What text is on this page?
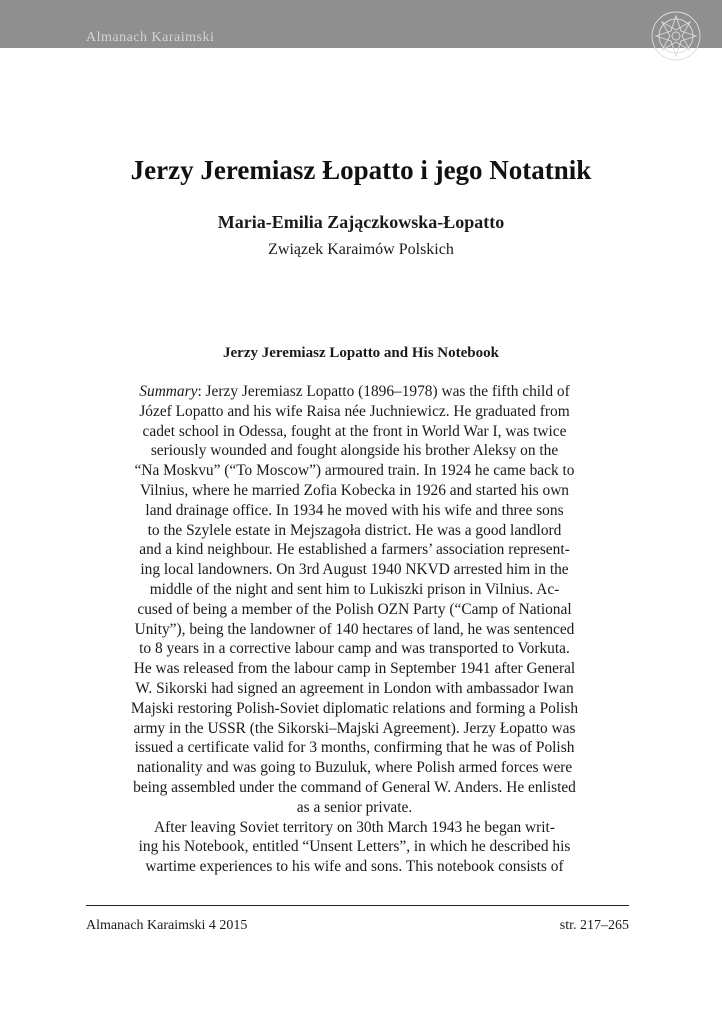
Almanach Karaimski
Jerzy Jeremiasz Łopatto i jego Notatnik
Maria-Emilia Zajączkowska-Łopatto
Związek Karaimów Polskich
Jerzy Jeremiasz Lopatto and His Notebook
Summary: Jerzy Jeremiasz Lopatto (1896–1978) was the fifth child of
Józef Lopatto and his wife Raisa née Juchniewicz. He graduated from
cadet school in Odessa, fought at the front in World War I, was twice
seriously wounded and fought alongside his brother Aleksy on the
“Na Moskvu” (“To Moscow”) armoured train. In 1924 he came back to
Vilnius, where he married Zofia Kobecka in 1926 and started his own
land drainage office. In 1934 he moved with his wife and three sons
to the Szylele estate in Mejszagoła district. He was a good landlord
and a kind neighbour. He established a farmers’ association represent-
ing local landowners. On 3rd August 1940 NKVD arrested him in the
middle of the night and sent him to Lukiszki prison in Vilnius. Ac-
cused of being a member of the Polish OZN Party (“Camp of National
Unity”), being the landowner of 140 hectares of land, he was sentenced
to 8 years in a corrective labour camp and was transported to Vorkuta.
He was released from the labour camp in September 1941 after General
W. Sikorski had signed an agreement in London with ambassador Iwan
Majski restoring Polish-Soviet diplomatic relations and forming a Polish
army in the USSR (the Sikorski–Majski Agreement). Jerzy Łopatto was
issued a certificate valid for 3 months, confirming that he was of Polish
nationality and was going to Buzuluk, where Polish armed forces were
being assembled under the command of General W. Anders. He enlisted
as a senior private.
After leaving Soviet territory on 30th March 1943 he began writ-
ing his Notebook, entitled “Unsent Letters”, in which he described his
wartime experiences to his wife and sons. This notebook consists of
Almanach Karaimski 4 2015	str. 217–265
